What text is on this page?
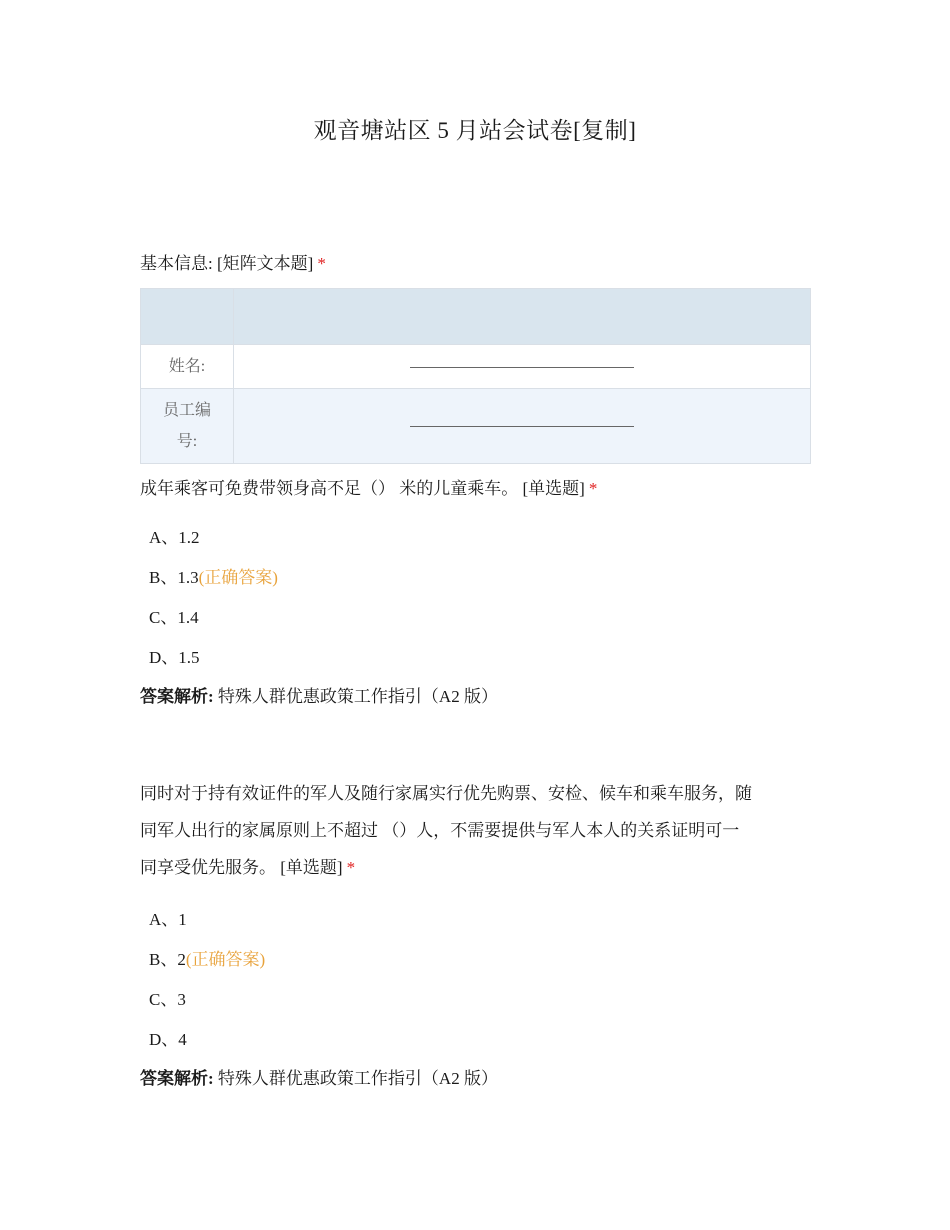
观音塘站区 5 月站会试卷[复制]
基本信息: [矩阵文本题] *

姓名:	

员工编
号:	

成年乘客可免费带领身高不足（） 米的儿童乘车。 [单选题] *
A、1.2
B、1.3(正确答案)
C、1.4
D、1.5
答案解析: 特殊人群优惠政策工作指引（A2 版）
同时对于持有效证件的军人及随行家属实行优先购票、安检、候车和乘车服务，随
同军人出行的家属原则上不超过 （）人，不需要提供与军人本人的关系证明可一
同享受优先服务。 [单选题] *
A、1
B、2(正确答案)
C、3
D、4
答案解析: 特殊人群优惠政策工作指引（A2 版）
